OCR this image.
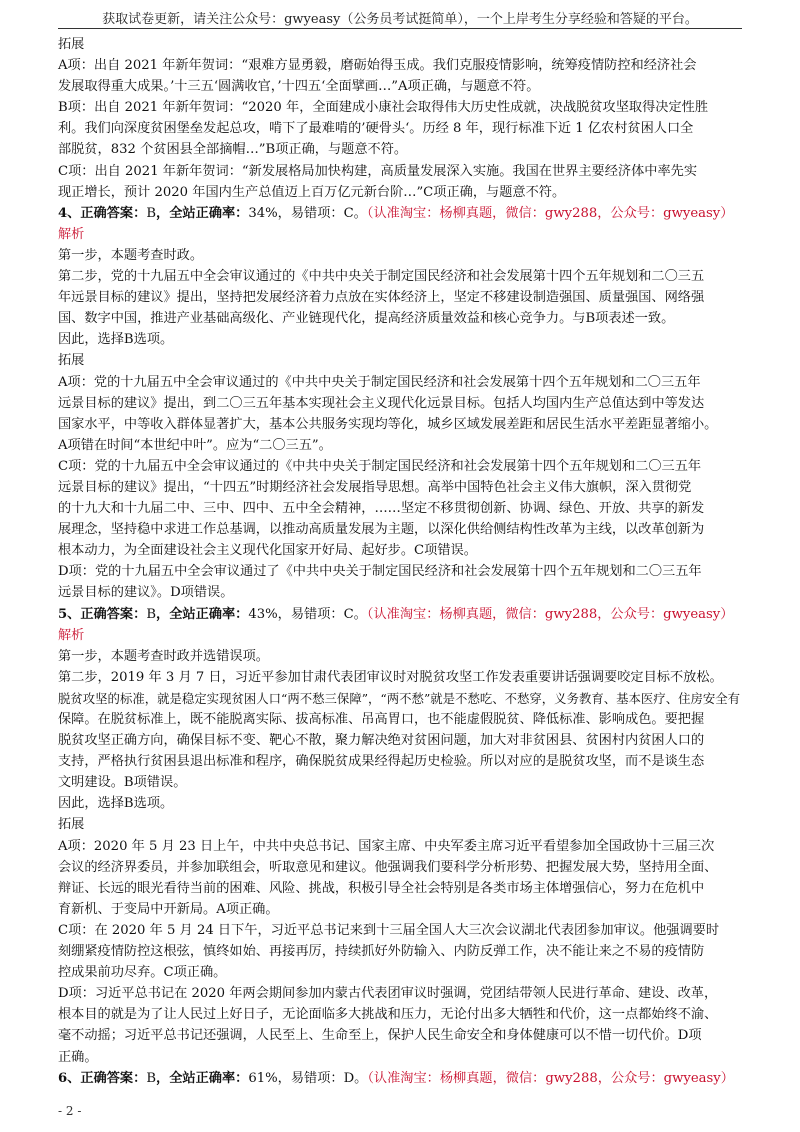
获取试卷更新，请关注公众号：gwyeasy（公务员考试挺简单），一个上岸考生分享经验和答疑的平台。
拓展
A项：出自 2021 年新年贺词：“艰难方显勇毅，磨砺始得玉成。我们克服疫情影响，统筹疫情防控和经济社会
发展取得重大成果。’十三五‘圆满收官，’十四五‘全面擘画…”A项正确，与题意不符。
B项：出自 2021 年新年贺词：“2020 年，全面建成小康社会取得伟大历史性成就，决战脱贫攻坚取得决定性胜
利。我们向深度贫困堡垒发起总攻，啃下了最难啃的’硬骨头‘。历经 8 年，现行标准下近 1 亿农村贫困人口全
部脱贫，832 个贫困县全部摘帽…”B项正确，与题意不符。
C项：出自 2021 年新年贺词：“新发展格局加快构建，高质量发展深入实施。我国在世界主要经济体中率先实
现正增长，预计 2020 年国内生产总值迈上百万亿元新台阶…”C项正确，与题意不符。
4、正确答案：B，全站正确率：34%，易错项：C。（认准淘宝：杨柳真题，微信：gwy288，公众号：gwyeasy）
解析
第一步，本题考查时政。
第二步，党的十九届五中全会审议通过的《中共中央关于制定国民经济和社会发展第十四个五年规划和二〇三五
年远景目标的建议》提出，坚持把发展经济着力点放在实体经济上，坚定不移建设制造强国、质量强国、网络强
国、数字中国，推进产业基础高级化、产业链现代化，提高经济质量效益和核心竞争力。与B项表述一致。
因此，选择B选项。
拓展
A项：党的十九届五中全会审议通过的《中共中央关于制定国民经济和社会发展第十四个五年规划和二〇三五年
远景目标的建议》提出，到二〇三五年基本实现社会主义现代化远景目标。包括人均国内生产总值达到中等发达
国家水平，中等收入群体显著扩大，基本公共服务实现均等化，城乡区域发展差距和居民生活水平差距显著缩小。
A项错在时间“本世纪中叶”。应为“二〇三五”。
C项：党的十九届五中全会审议通过的《中共中央关于制定国民经济和社会发展第十四个五年规划和二〇三五年
远景目标的建议》提出，“十四五”时期经济社会发展指导思想。高举中国特色社会主义伟大旗帜，深入贯彻党
的十九大和十九届二中、三中、四中、五中全会精神，……坚定不移贯彻创新、协调、绿色、开放、共享的新发
展理念，坚持稳中求进工作总基调，以推动高质量发展为主题，以深化供给侧结构性改革为主线，以改革创新为
根本动力，为全面建设社会主义现代化国家开好局、起好步。C项错误。
D项：党的十九届五中全会审议通过了《中共中央关于制定国民经济和社会发展第十四个五年规划和二〇三五年
远景目标的建议》。D项错误。
5、正确答案：B，全站正确率：43%，易错项：C。（认准淘宝：杨柳真题，微信：gwy288，公众号：gwyeasy）
解析
第一步，本题考查时政并选错误项。
第二步，2019 年 3 月 7 日，习近平参加甘肃代表团审议时对脱贫攻坚工作发表重要讲话强调要咬定目标不放松。
脱贫攻坚的标准，就是稳定实现贫困人口“两不愁三保障”，“两不愁”就是不愁吃、不愁穿，义务教育、基本医疗、住房安全有
保障。在脱贫标准上，既不能脱离实际、拔高标准、吊高胃口，也不能虚假脱贫、降低标准、影响成色。要把握
脱贫攻坚正确方向，确保目标不变、靶心不散，聚力解决绝对贫困问题，加大对非贫困县、贫困村内贫困人口的
支持，严格执行贫困县退出标准和程序，确保脱贫成果经得起历史检验。所以对应的是脱贫攻坚，而不是谈生态
文明建设。B项错误。
因此，选择B选项。
拓展
A项：2020 年 5 月 23 日上午，中共中央总书记、国家主席、中央军委主席习近平看望参加全国政协十三届三次
会议的经济界委员，并参加联组会，听取意见和建议。他强调我们要科学分析形势、把握发展大势，坚持用全面、
辩证、长远的眼光看待当前的困难、风险、挑战，积极引导全社会特别是各类市场主体增强信心，努力在危机中
育新机、于变局中开新局。A项正确。
C项：在 2020 年 5 月 24 日下午，习近平总书记来到十三届全国人大三次会议湖北代表团参加审议。他强调要时
刻绷紧疫情防控这根弦，慎终如始、再接再厉，持续抓好外防输入、内防反弹工作，决不能让来之不易的疫情防
控成果前功尽弃。C项正确。
D项：习近平总书记在 2020 年两会期间参加内蒙古代表团审议时强调，党团结带领人民进行革命、建设、改革，
根本目的就是为了让人民过上好日子，无论面临多大挑战和压力，无论付出多大牺牲和代价，这一点都始终不渝、
毫不动摇；习近平总书记还强调，人民至上、生命至上，保护人民生命安全和身体健康可以不惜一切代价。D项
正确。
6、正确答案：B，全站正确率：61%，易错项：D。（认准淘宝：杨柳真题，微信：gwy288，公众号：gwyeasy）
- 2 -
